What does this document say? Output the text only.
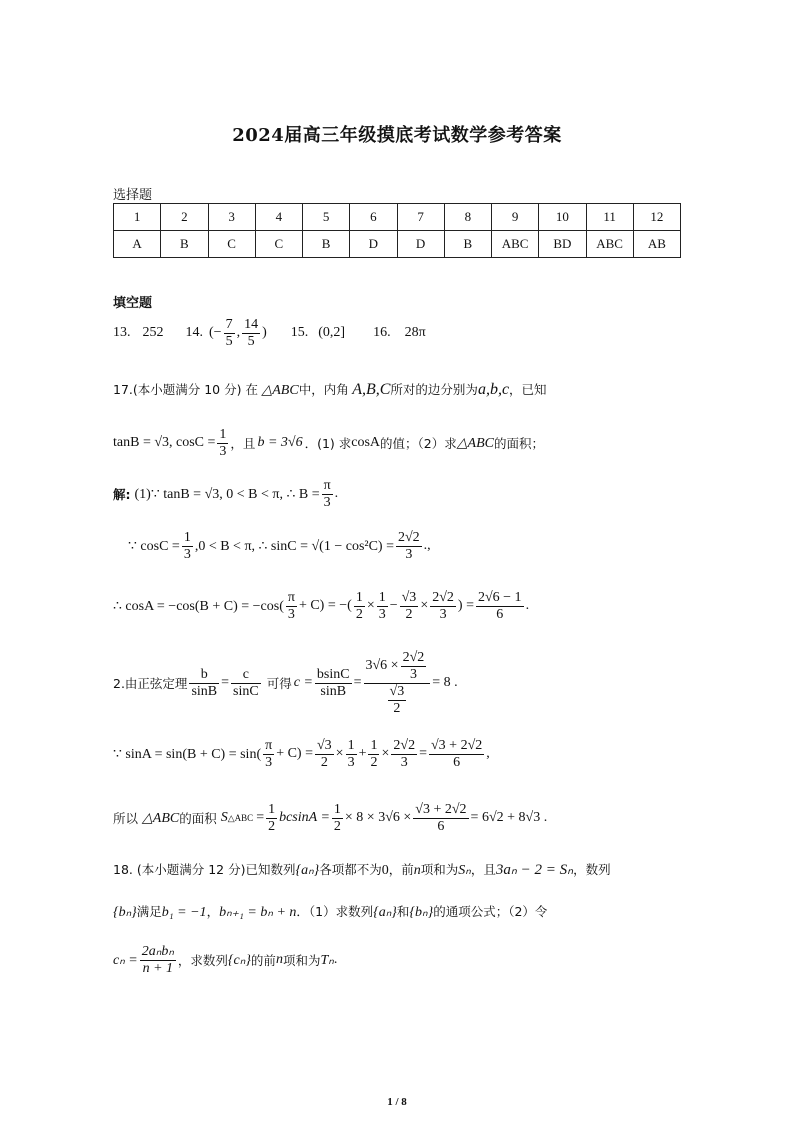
2024届高三年级摸底考试数学参考答案
选择题
1	2	3	4	5	6	7	8	9	10	11	12
A	B	C	C	B	D	D	B	ABC	BD	ABC	AB
填空题
13. 252 14. (− $\frac{7}{5}$ , $\frac{14}{5}$ ) 15. (0,2] 16. 28π
17.(本小题满分 10 分) 在 △ABC中，内角 A,B,C所对的边分别为a,b,c，已知
tanB = √3, $\cos C = \frac{1}{3}$ ，且 b = 3√6 ．(1) 求 cosA 的值；（2）求 △ABC 的面积；
解: (1)∵ tanB = √3, 0 < B < π, ∴ $B = \frac{\pi}{3}$ .
∵ $\cos C = \frac{1}{3} ,0 < B < \pi$, ∴ $\sin C = √(1 - \cos^2C) = \frac{2√2}{3}$ .,
∴ $\cos A = -\cos(B + C) = -\cos( \frac{\pi}{3} + C)$ = −( $\frac{1}{2} \times \frac{1}{3} - \frac{√3}{2} \times \frac{2√2}{3}$ ) = $\frac{2√6 - 1}{6}$ .
2.由正弦定理 $\frac{b}{\sin B} = \frac{c}{\sin C}$ 可得 $c = \frac{bsinC}{\sin B} = \frac{3√6 \times \frac{2√2}{3}}{\frac{√3}{2}} = 8$ .
∵ $\sin A = \sin(B + C) = \sin( \frac{\pi}{3} + C) = \frac{√3}{2} \times \frac{1}{3} + \frac{1}{2} \times \frac{2√2}{3} = \frac{√3 + 2√2}{6}$ ,
所以 △ABC 的面积 S △ABC = $\frac{1}{2}$ $bcsinA = \frac{1}{2} \times 8 \times 3√6 \times \frac{√3 + 2√2}{6} = 6√2 + 8√3$ .
18. (本小题满分 12 分)已知数列{aₙ}各项都不为0，前n项和为Sₙ，且3aₙ − 2 = Sₙ，数列
{bₙ}满足b₁ = −1，bₙ₊₁ = bₙ + n．（1）求数列{aₙ}和{bₙ}的通项公式；（2）令
$c_n = \frac{\text{2aₙbₙ}}{n + 1}$ ，求数列 {cₙ} 的前 n 项和为 Tₙ .
1 / 8
